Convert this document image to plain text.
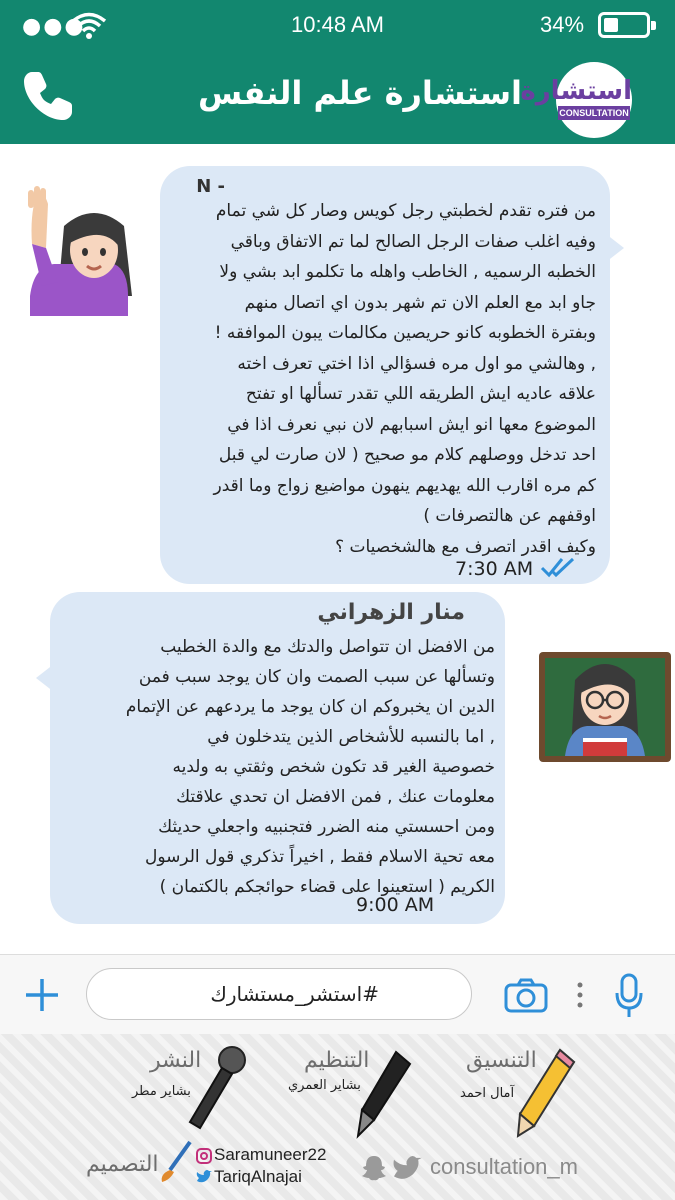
●●●	10:48 AM	34%
استشارة علم النفس
استشارة
CONSULTATION
N -
من فتره تقدم لخطبتي رجل كويس وصار كل شي تمام
وفيه اغلب صفات الرجل الصالح لما تم الاتفاق وباقي
الخطبه الرسميه , الخاطب واهله ما تكلمو ابد بشي ولا
جاو ابد مع العلم الان تم شهر بدون اي اتصال منهم
وبفترة الخطوبه كانو حريصين مكالمات يبون الموافقه !
, وهالشي مو اول مره فسؤالي اذا اختي تعرف اخته
علاقه عاديه ايش الطريقه اللي تقدر تسألها او تفتح
الموضوع معها انو ايش اسبابهم لان نبي نعرف اذا في
احد تدخل ووصلهم كلام مو صحيح ( لان صارت لي قبل
كم مره اقارب الله يهديهم ينهون مواضيع زواج وما اقدر
اوقفهم عن هالتصرفات )
وكيف اقدر اتصرف مع هالشخصيات ؟
7:30 AM
منار الزهراني
من الافضل ان تتواصل والدتك مع والدة الخطيب
وتسألها عن سبب الصمت وان كان يوجد سبب فمن
الدين ان يخبروكم ان كان يوجد ما يردعهم عن الإتمام
, اما بالنسبه للأشخاص الذين يتدخلون في
خصوصية الغير قد تكون شخص وثقتي به ولديه
معلومات عنك , فمن الافضل ان تحدي علاقتك
ومن احسستي منه الضرر فتجنبيه واجعلي حديثك
معه تحية الاسلام فقط , اخيراً تذكري قول الرسول
الكريم ( استعينوا على قضاء حوائجكم بالكتمان )
9:00 AM
#استشر_مستشارك
التنسيق
آمال احمد
التنظيم
بشاير العمري
النشر
بشاير مطر
التصميم	Saramuneer22
TariqAlnajai	consultation_m
